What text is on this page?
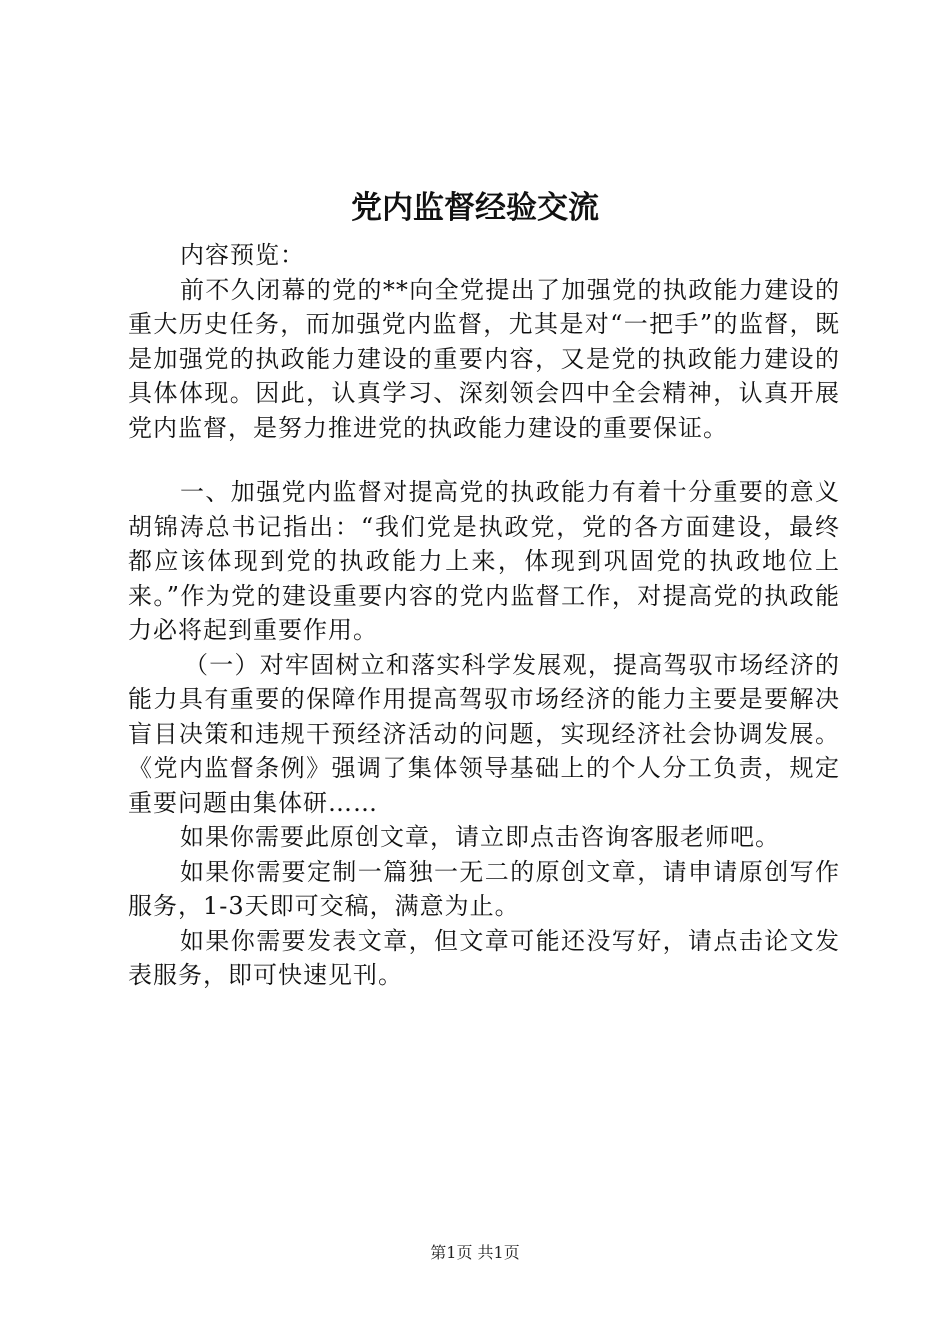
党内监督经验交流

内容预览：

前不久闭幕的党的**向全党提出了加强党的执政能力建设的重大历史任务，而加强党内监督，尤其是对“一把手”的监督，既是加强党的执政能力建设的重要内容，又是党的执政能力建设的具体体现。因此，认真学习、深刻领会四中全会精神，认真开展党内监督，是努力推进党的执政能力建设的重要保证。

一、加强党内监督对提高党的执政能力有着十分重要的意义胡锦涛总书记指出：“我们党是执政党，党的各方面建设，最终都应该体现到党的执政能力上来，体现到巩固党的执政地位上来。”作为党的建设重要内容的党内监督工作，对提高党的执政能力必将起到重要作用。

（一）对牢固树立和落实科学发展观，提高驾驭市场经济的能力具有重要的保障作用提高驾驭市场经济的能力主要是要解决盲目决策和违规干预经济活动的问题，实现经济社会协调发展。《党内监督条例》强调了集体领导基础上的个人分工负责，规定重要问题由集体研……

如果你需要此原创文章，请立即点击咨询客服老师吧。

如果你需要定制一篇独一无二的原创文章，请申请原创写作服务，1-3天即可交稿，满意为止。

如果你需要发表文章，但文章可能还没写好，请点击论文发表服务，即可快速见刊。

第1页 共1页
